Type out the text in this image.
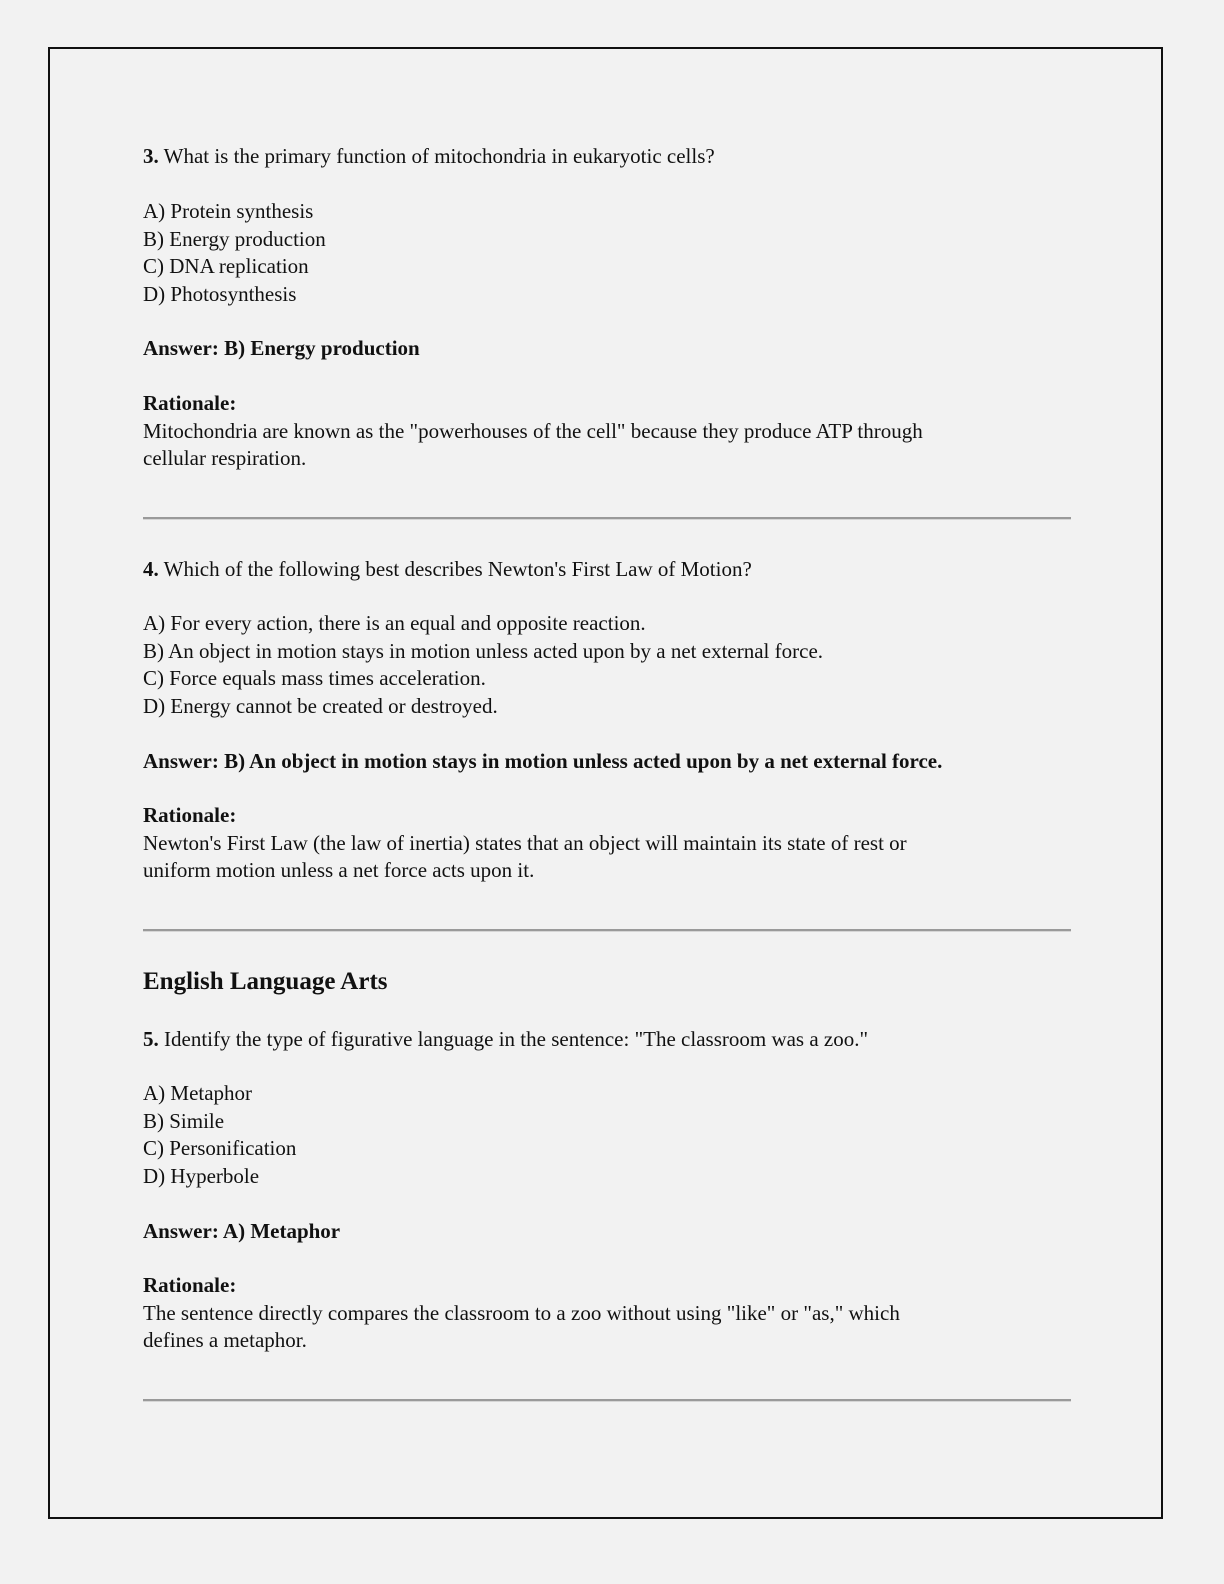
3. What is the primary function of mitochondria in eukaryotic cells?
A) Protein synthesis
B) Energy production
C) DNA replication
D) Photosynthesis
Answer: B) Energy production
Rationale:
Mitochondria are known as the "powerhouses of the cell" because they produce ATP through
cellular respiration.
4. Which of the following best describes Newton's First Law of Motion?
A) For every action, there is an equal and opposite reaction.
B) An object in motion stays in motion unless acted upon by a net external force.
C) Force equals mass times acceleration.
D) Energy cannot be created or destroyed.
Answer: B) An object in motion stays in motion unless acted upon by a net external force.
Rationale:
Newton's First Law (the law of inertia) states that an object will maintain its state of rest or
uniform motion unless a net force acts upon it.
English Language Arts
5. Identify the type of figurative language in the sentence: "The classroom was a zoo."
A) Metaphor
B) Simile
C) Personification
D) Hyperbole
Answer: A) Metaphor
Rationale:
The sentence directly compares the classroom to a zoo without using "like" or "as," which
defines a metaphor.
